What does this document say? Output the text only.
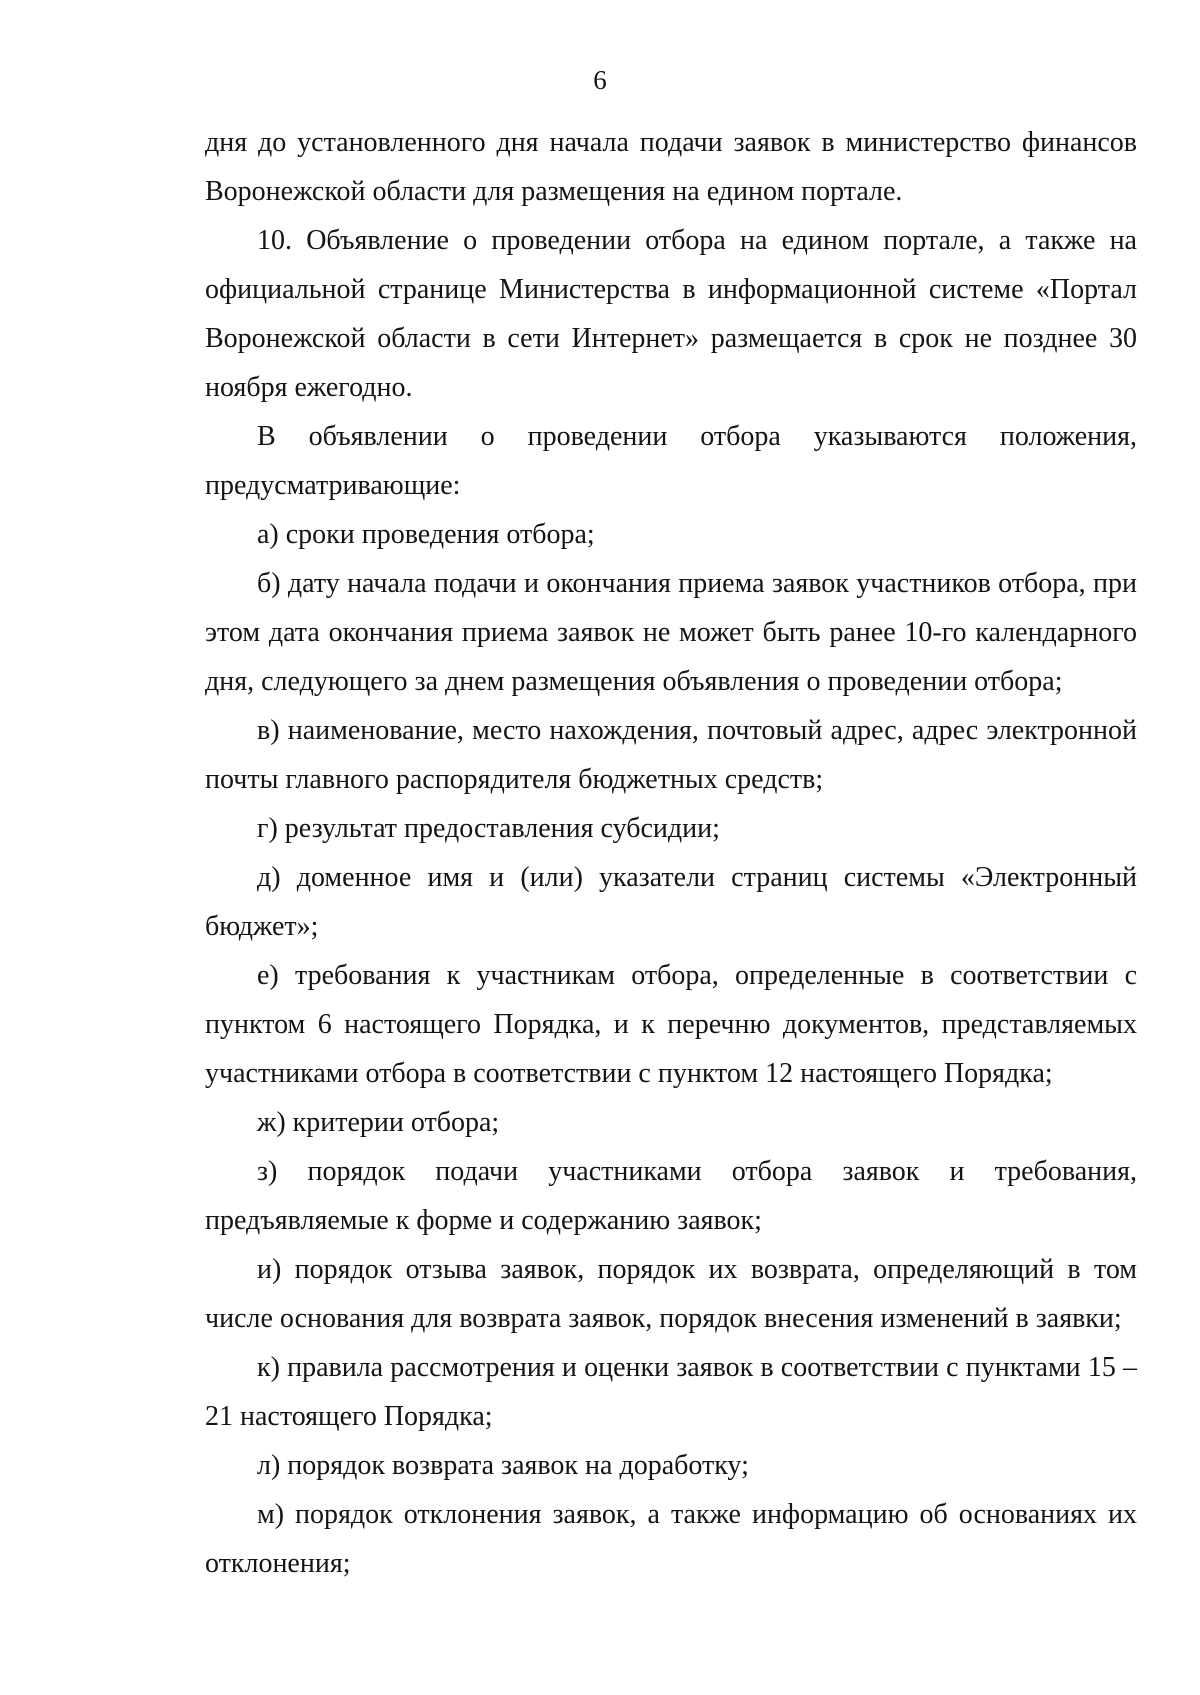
6

дня до установленного дня начала подачи заявок в министерство финансов Воронежской области для размещения на едином портале.

10. Объявление о проведении отбора на едином портале, а также на официальной странице Министерства в информационной системе «Портал Воронежской области в сети Интернет» размещается в срок не позднее 30 ноября ежегодно.

В объявлении о проведении отбора указываются положения, предусматривающие:

а) сроки проведения отбора;

б) дату начала подачи и окончания приема заявок участников отбора, при этом дата окончания приема заявок не может быть ранее 10-го календарного дня, следующего за днем размещения объявления о проведении отбора;

в) наименование, место нахождения, почтовый адрес, адрес электронной почты главного распорядителя бюджетных средств;

г) результат предоставления субсидии;

д) доменное имя и (или) указатели страниц системы «Электронный бюджет»;

е) требования к участникам отбора, определенные в соответствии с пунктом 6 настоящего Порядка, и к перечню документов, представляемых участниками отбора в соответствии с пунктом 12 настоящего Порядка;

ж) критерии отбора;

з) порядок подачи участниками отбора заявок и требования, предъявляемые к форме и содержанию заявок;

и) порядок отзыва заявок, порядок их возврата, определяющий в том числе основания для возврата заявок, порядок внесения изменений в заявки;

к) правила рассмотрения и оценки заявок в соответствии с пунктами 15 – 21 настоящего Порядка;

л) порядок возврата заявок на доработку;

м) порядок отклонения заявок, а также информацию об основаниях их отклонения;
